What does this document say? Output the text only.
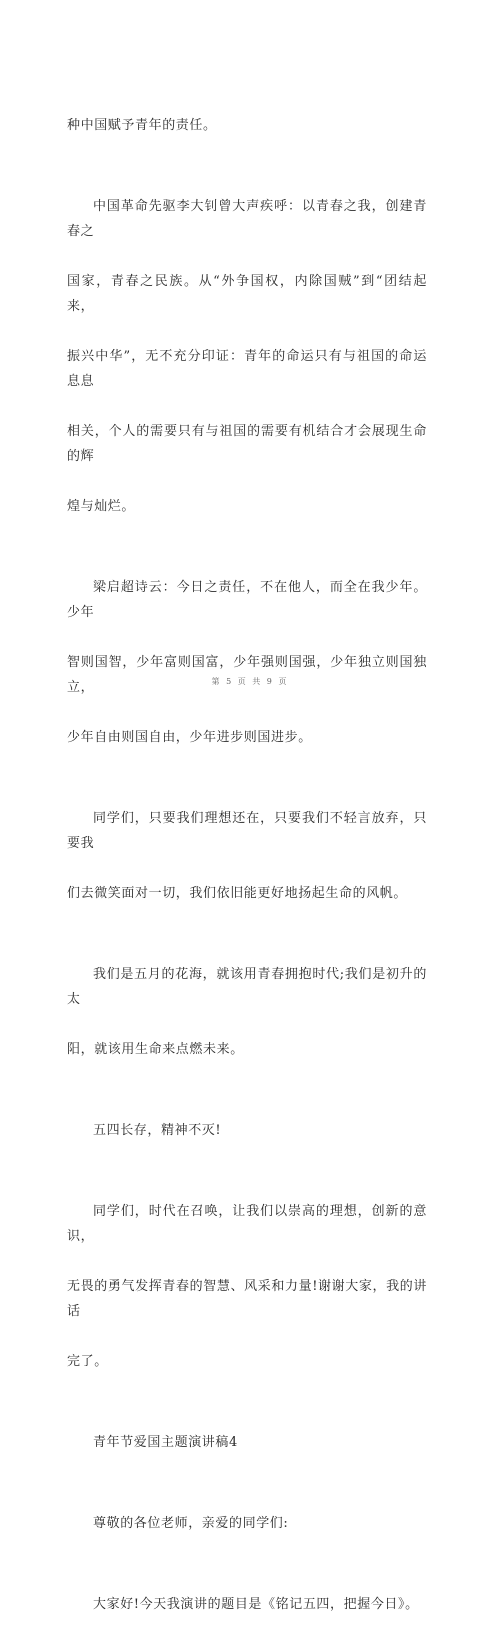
种中国赋予青年的责任。

中国革命先驱李大钊曾大声疾呼：以青春之我，创建青春之

国家，青春之民族。从“外争国权，内除国贼”到“团结起来，

振兴中华”，无不充分印证：青年的命运只有与祖国的命运息息

相关，个人的需要只有与祖国的需要有机结合才会展现生命的辉

煌与灿烂。

梁启超诗云：今日之责任，不在他人，而全在我少年。少年

智则国智，少年富则国富，少年强则国强，少年独立则国独立，

少年自由则国自由，少年进步则国进步。

同学们，只要我们理想还在，只要我们不轻言放弃，只要我

们去微笑面对一切，我们依旧能更好地扬起生命的风帆。

我们是五月的花海，就该用青春拥抱时代;我们是初升的太

阳，就该用生命来点燃未来。

五四长存，精神不灭!

同学们，时代在召唤，让我们以崇高的理想，创新的意识，

无畏的勇气发挥青春的智慧、风采和力量!谢谢大家，我的讲话

完了。

青年节爱国主题演讲稿4

尊敬的各位老师，亲爱的同学们:

大家好!今天我演讲的题目是《铭记五四，把握今日》。

第 5 页 共 9 页
